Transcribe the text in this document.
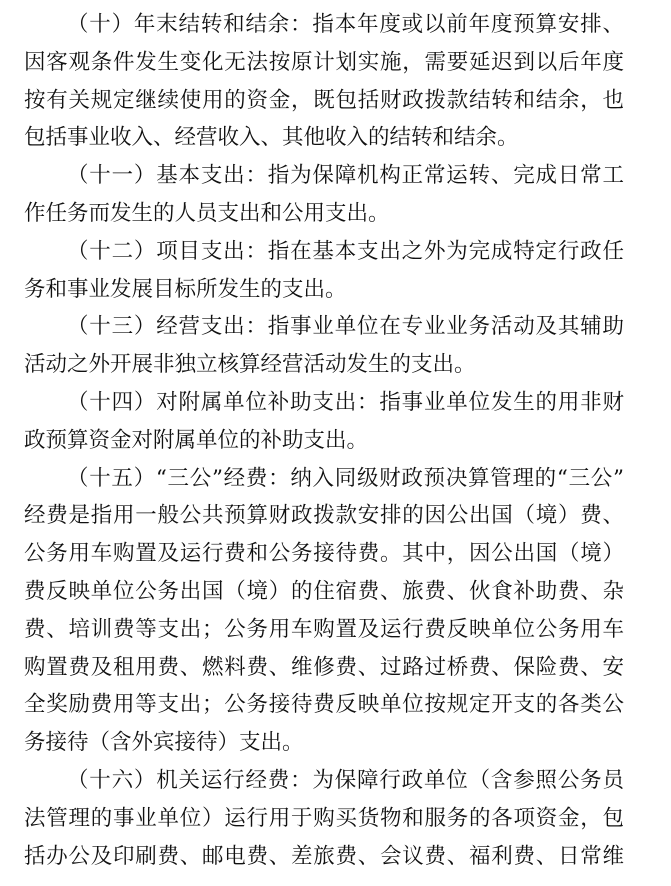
（十）年末结转和结余：指本年度或以前年度预算安排、
因客观条件发生变化无法按原计划实施，需要延迟到以后年度
按有关规定继续使用的资金，既包括财政拨款结转和结余，也
包括事业收入、经营收入、其他收入的结转和结余。
（十一）基本支出：指为保障机构正常运转、完成日常工
作任务而发生的人员支出和公用支出。
（十二）项目支出：指在基本支出之外为完成特定行政任
务和事业发展目标所发生的支出。
（十三）经营支出：指事业单位在专业业务活动及其辅助
活动之外开展非独立核算经营活动发生的支出。
（十四）对附属单位补助支出：指事业单位发生的用非财
政预算资金对附属单位的补助支出。
（十五）“三公”经费：纳入同级财政预决算管理的“三公”
经费是指用一般公共预算财政拨款安排的因公出国（境）费、
公务用车购置及运行费和公务接待费。其中，因公出国（境）
费反映单位公务出国（境）的住宿费、旅费、伙食补助费、杂
费、培训费等支出；公务用车购置及运行费反映单位公务用车
购置费及租用费、燃料费、维修费、过路过桥费、保险费、安
全奖励费用等支出；公务接待费反映单位按规定开支的各类公
务接待（含外宾接待）支出。
（十六）机关运行经费：为保障行政单位（含参照公务员
法管理的事业单位）运行用于购买货物和服务的各项资金，包
括办公及印刷费、邮电费、差旅费、会议费、福利费、日常维
